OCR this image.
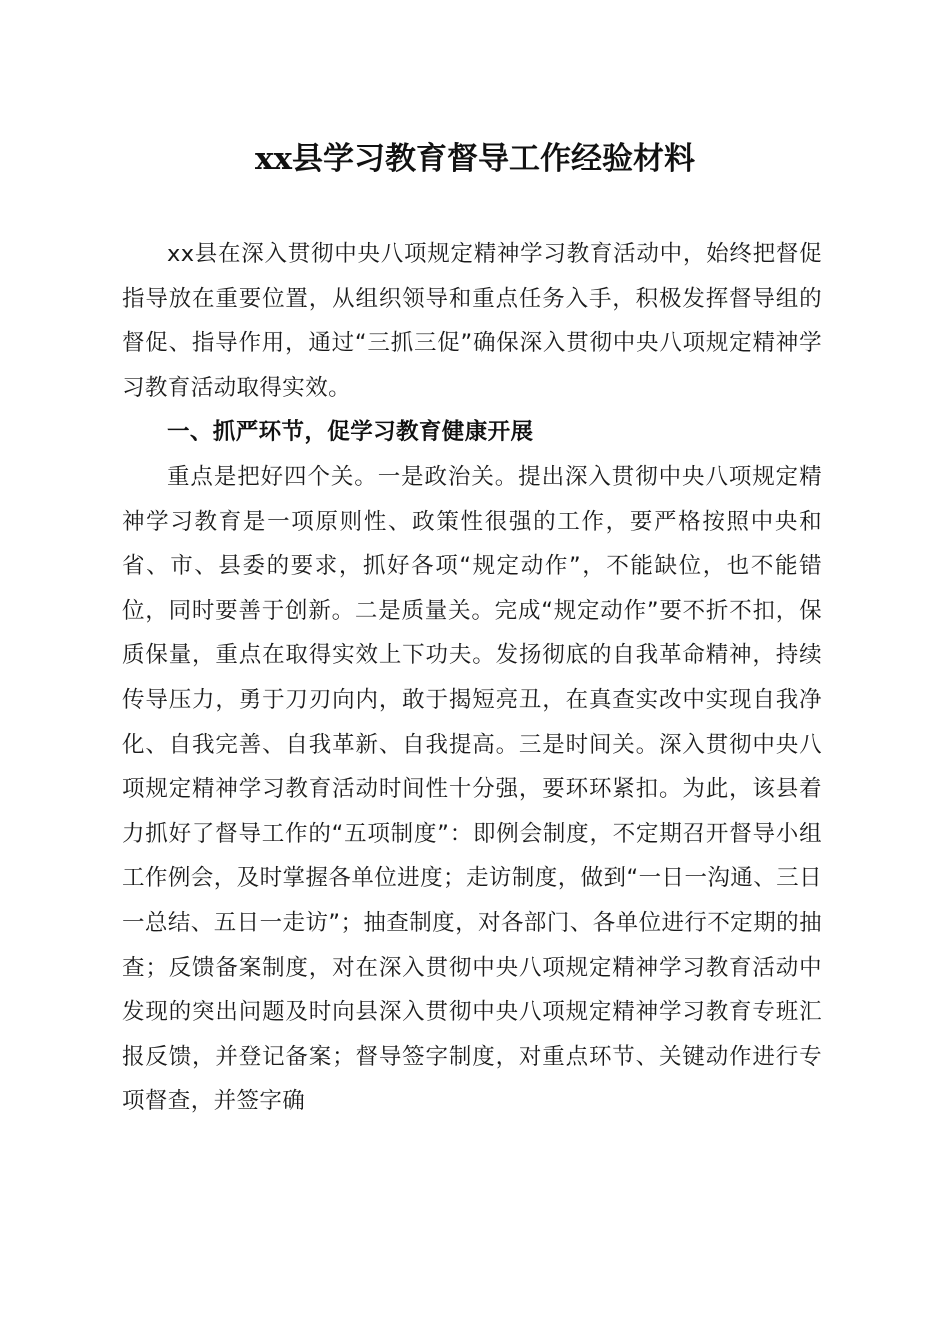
xx县学习教育督导工作经验材料

xx县在深入贯彻中央八项规定精神学习教育活动中，始终把督促指导放在重要位置，从组织领导和重点任务入手，积极发挥督导组的督促、指导作用，通过“三抓三促”确保深入贯彻中央八项规定精神学习教育活动取得实效。

一、抓严环节，促学习教育健康开展

重点是把好四个关。一是政治关。提出深入贯彻中央八项规定精神学习教育是一项原则性、政策性很强的工作，要严格按照中央和省、市、县委的要求，抓好各项“规定动作”，不能缺位，也不能错位，同时要善于创新。二是质量关。完成“规定动作”要不折不扣，保质保量，重点在取得实效上下功夫。发扬彻底的自我革命精神，持续传导压力，勇于刀刃向内，敢于揭短亮丑，在真查实改中实现自我净化、自我完善、自我革新、自我提高。三是时间关。深入贯彻中央八项规定精神学习教育活动时间性十分强，要环环紧扣。为此，该县着力抓好了督导工作的“五项制度”：即例会制度，不定期召开督导小组工作例会，及时掌握各单位进度；走访制度，做到“一日一沟通、三日一总结、五日一走访”；抽查制度，对各部门、各单位进行不定期的抽查；反馈备案制度，对在深入贯彻中央八项规定精神学习教育活动中发现的突出问题及时向县深入贯彻中央八项规定精神学习教育专班汇报反馈，并登记备案；督导签字制度，对重点环节、关键动作进行专项督查，并签字确
